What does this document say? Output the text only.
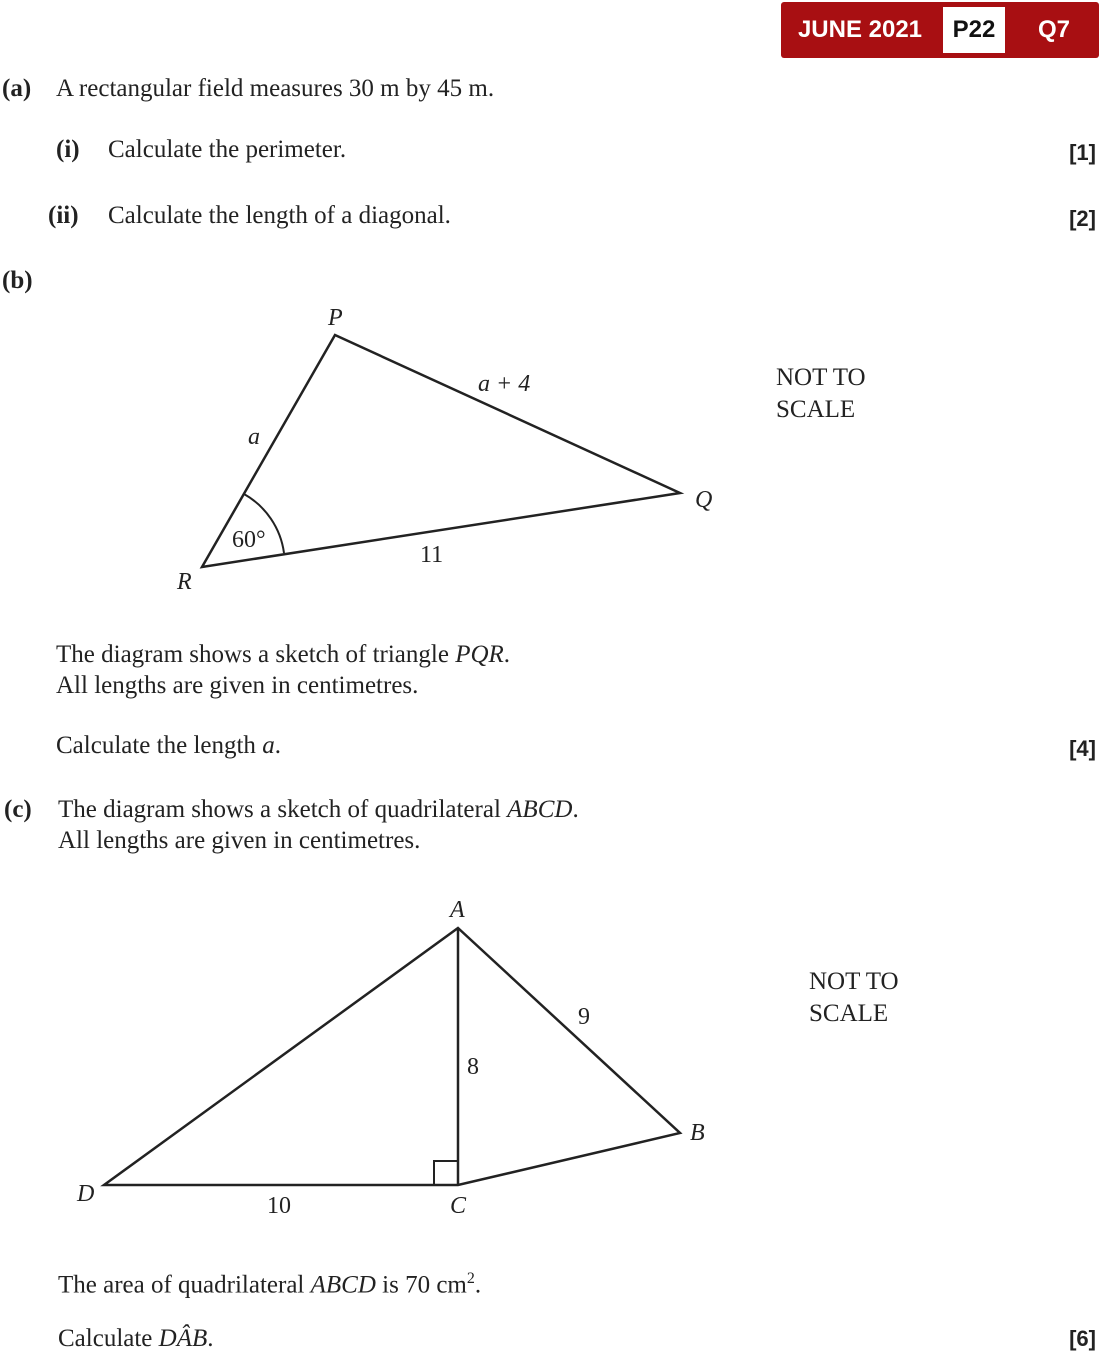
JUNE 2021	P22	Q7
(a) A rectangular field measures 30 m by 45 m.
(i) Calculate the perimeter.	[1]
(ii) Calculate the length of a diagonal.	[2]
(b)
P
Q
R
a + 4
a
11
60°
A
B
C
D	10
8
9
NOT TO
SCALE
The diagram shows a sketch of triangle PQR.
All lengths are given in centimetres.
Calculate the length a.	[4]
(c) The diagram shows a sketch of quadrilateral ABCD.
All lengths are given in centimetres.
NOT TO
SCALE
The area of quadrilateral ABCD is 70 $cm^2$.
Calculate DÂB.	[6]
